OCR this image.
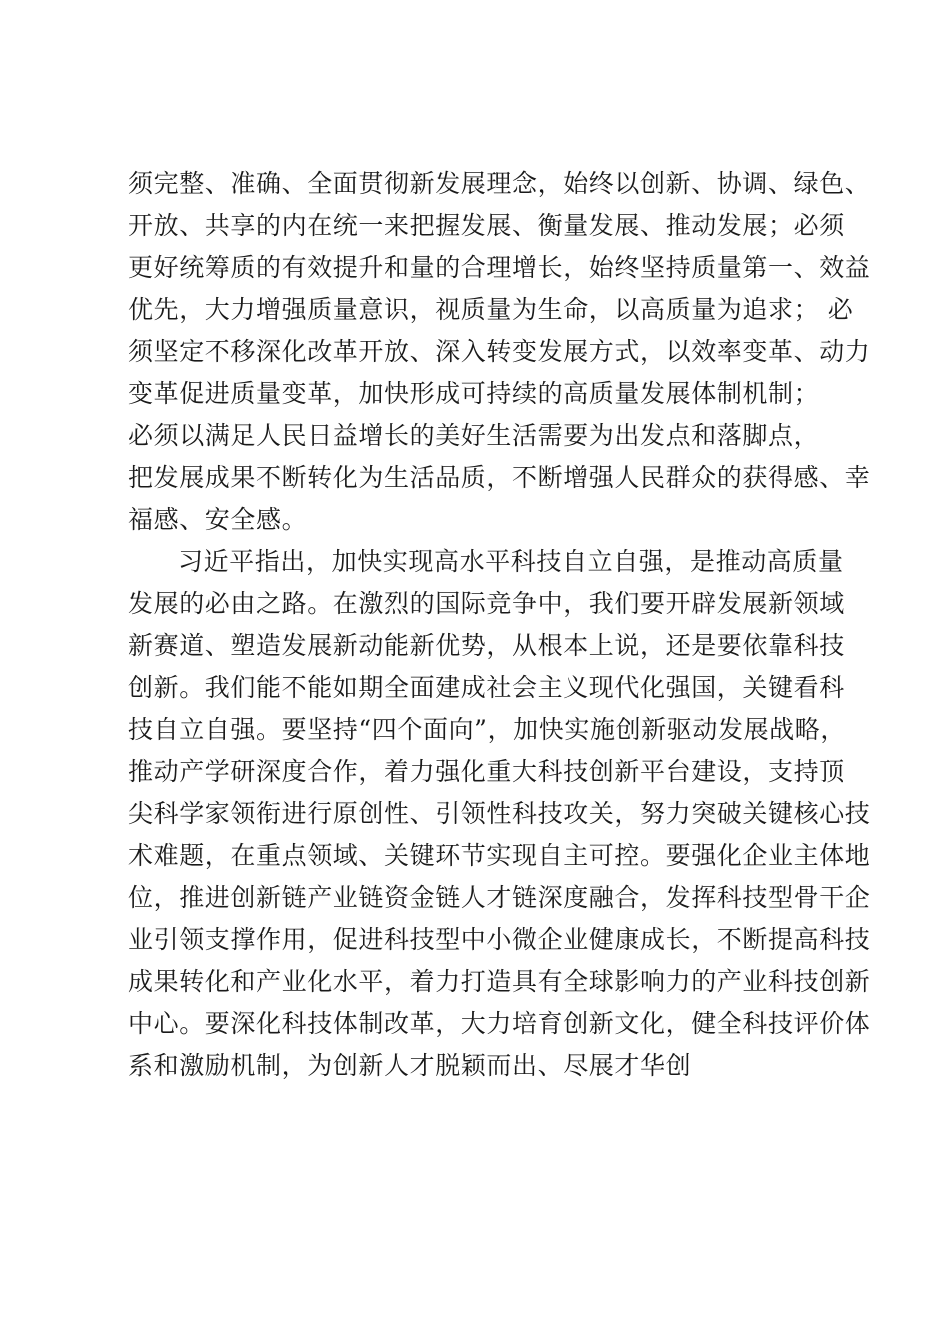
须完整、准确、全面贯彻新发展理念，始终以创新、协调、绿色、
开放、共享的内在统一来把握发展、衡量发展、推动发展；必须
更好统筹质的有效提升和量的合理增长，始终坚持质量第一、效益
优先，大力增强质量意识，视质量为生命，以高质量为追求； 必
须坚定不移深化改革开放、深入转变发展方式，以效率变革、动力
变革促进质量变革，加快形成可持续的高质量发展体制机制；
必须以满足人民日益增长的美好生活需要为出发点和落脚点，
把发展成果不断转化为生活品质，不断增强人民群众的获得感、幸
福感、安全感。
习近平指出，加快实现高水平科技自立自强，是推动高质量
发展的必由之路。在激烈的国际竞争中，我们要开辟发展新领域
新赛道、塑造发展新动能新优势，从根本上说，还是要依靠科技
创新。我们能不能如期全面建成社会主义现代化强国，关键看科
技自立自强。要坚持“四个面向”，加快实施创新驱动发展战略，
推动产学研深度合作，着力强化重大科技创新平台建设，支持顶
尖科学家领衔进行原创性、引领性科技攻关，努力突破关键核心技
术难题，在重点领域、关键环节实现自主可控。要强化企业主体地
位，推进创新链产业链资金链人才链深度融合，发挥科技型骨干企
业引领支撑作用，促进科技型中小微企业健康成长，不断提高科技
成果转化和产业化水平，着力打造具有全球影响力的产业科技创新
中心。要深化科技体制改革，大力培育创新文化，健全科技评价体
系和激励机制，为创新人才脱颖而出、尽展才华创
